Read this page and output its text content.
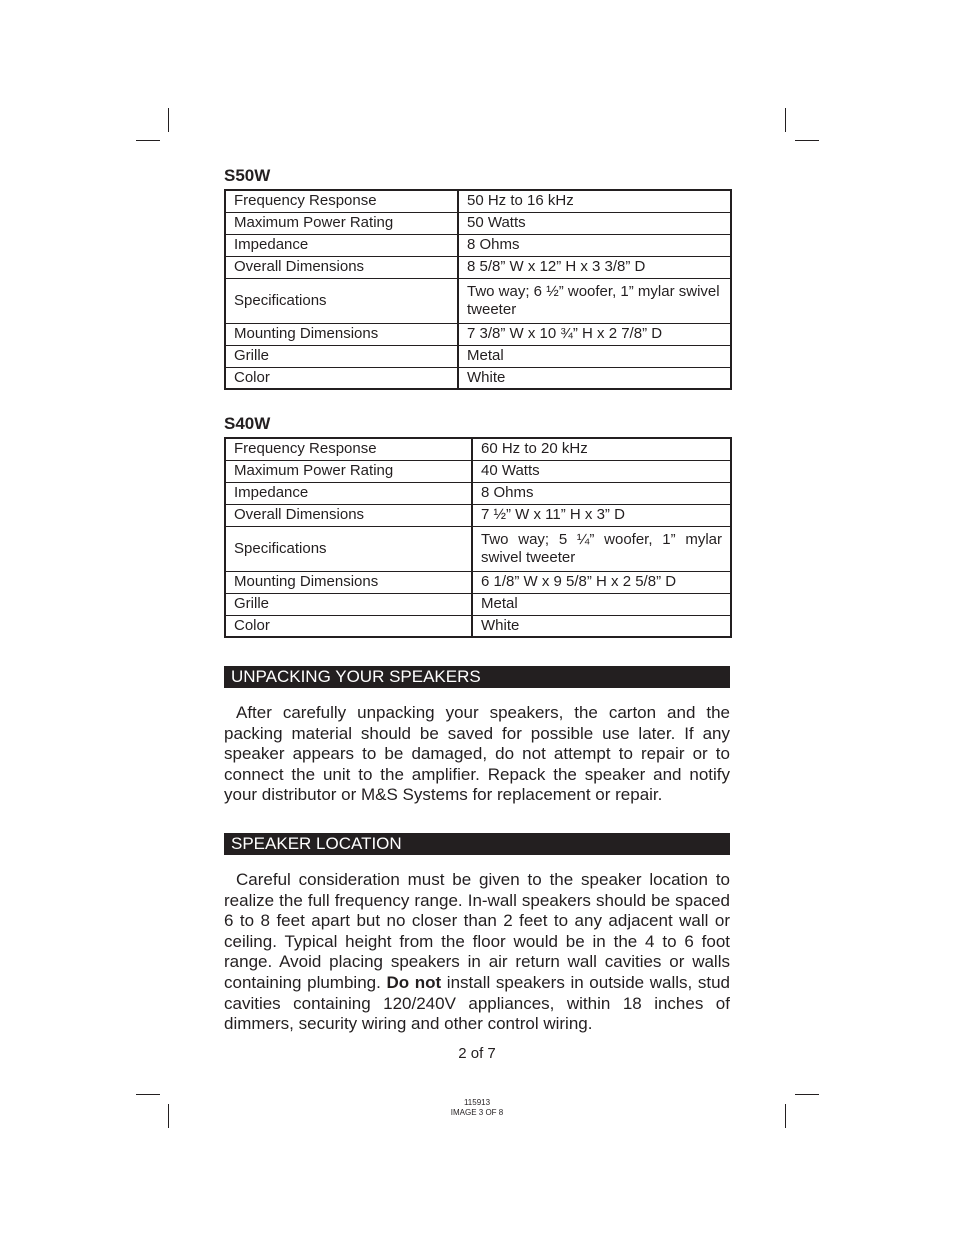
S50W
Frequency Response	50 Hz to 16 kHz
Maximum Power Rating	50 Watts
Impedance	8 Ohms
Overall Dimensions	8 5/8” W x 12” H x 3 3/8” D
Specifications	Two way; 6 ½” woofer, 1” mylar swivel tweeter
Mounting Dimensions	7 3/8” W x 10 ¾” H x 2 7/8” D
Grille	Metal
Color	White
S40W
Frequency Response	60 Hz to 20 kHz
Maximum Power Rating	40 Watts
Impedance	8 Ohms
Overall Dimensions	7 ½” W x 11” H x 3” D
Specifications	Two way; 5 ¼” woofer, 1” mylar swivel tweeter
Mounting Dimensions	6 1/8” W x 9 5/8” H x 2 5/8” D
Grille	Metal
Color	White
UNPACKING YOUR SPEAKERS

After carefully unpacking your speakers, the carton and the packing material should be saved for possible use later. If any speaker appears to be damaged, do not attempt to repair or to connect the unit to the amplifier. Repack the speaker and notify your distributor or M&S Systems for replacement or repair.

SPEAKER LOCATION

Careful consideration must be given to the speaker location to realize the full frequency range. In-wall speakers should be spaced 6 to 8 feet apart but no closer than 2 feet to any adjacent wall or ceiling. Typical height from the floor would be in the 4 to 6 foot range. Avoid placing speakers in air return wall cavities or walls containing plumbing. Do not install speakers in outside walls, stud cavities containing 120/240V appliances, within 18 inches of dimmers, security wiring and other control wiring.

2 of 7
115913
IMAGE 3 OF 8
